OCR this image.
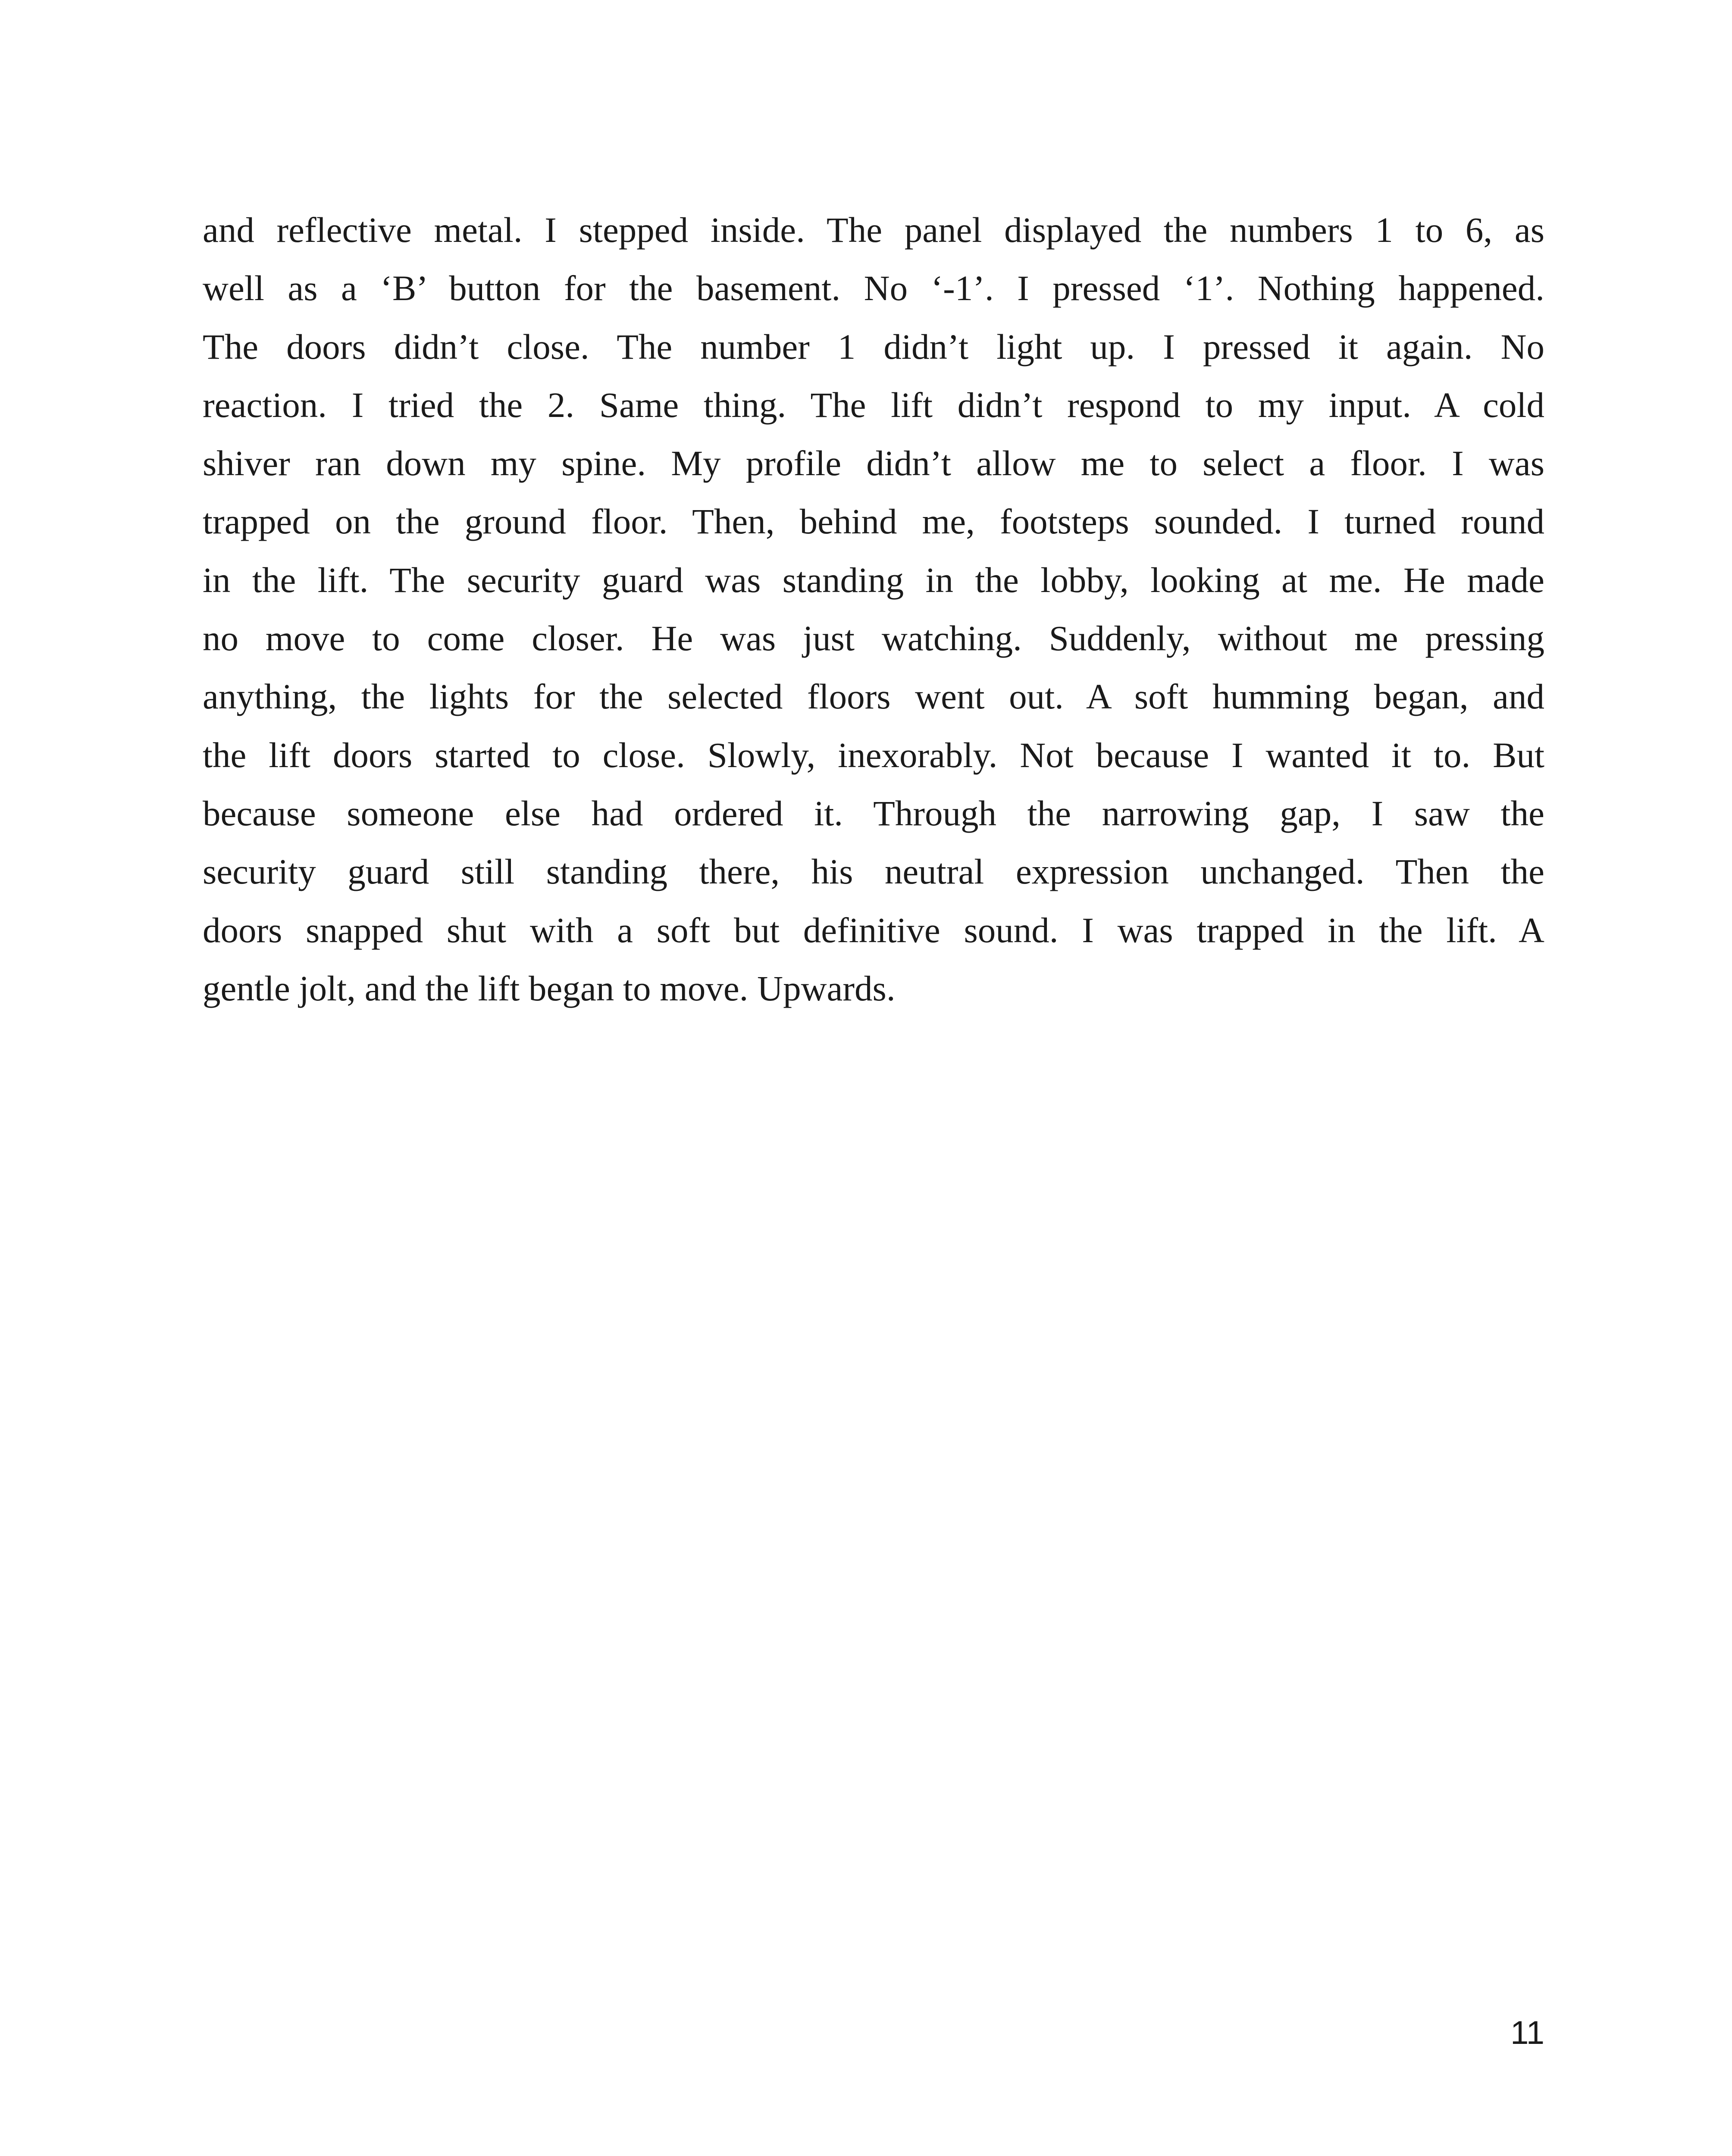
and reflective metal. I stepped inside. The panel displayed the numbers 1 to 6, as
well as a ‘B’ button for the basement. No ‘-1’. I pressed ‘1’. Nothing happened.
The doors didn’t close. The number 1 didn’t light up. I pressed it again. No
reaction. I tried the 2. Same thing. The lift didn’t respond to my input. A cold
shiver ran down my spine. My profile didn’t allow me to select a floor. I was
trapped on the ground floor. Then, behind me, footsteps sounded. I turned round
in the lift. The security guard was standing in the lobby, looking at me. He made
no move to come closer. He was just watching. Suddenly, without me pressing
anything, the lights for the selected floors went out. A soft humming began, and
the lift doors started to close. Slowly, inexorably. Not because I wanted it to. But
because someone else had ordered it. Through the narrowing gap, I saw the
security guard still standing there, his neutral expression unchanged. Then the
doors snapped shut with a soft but definitive sound. I was trapped in the lift. A
gentle jolt, and the lift began to move. Upwards.
11
